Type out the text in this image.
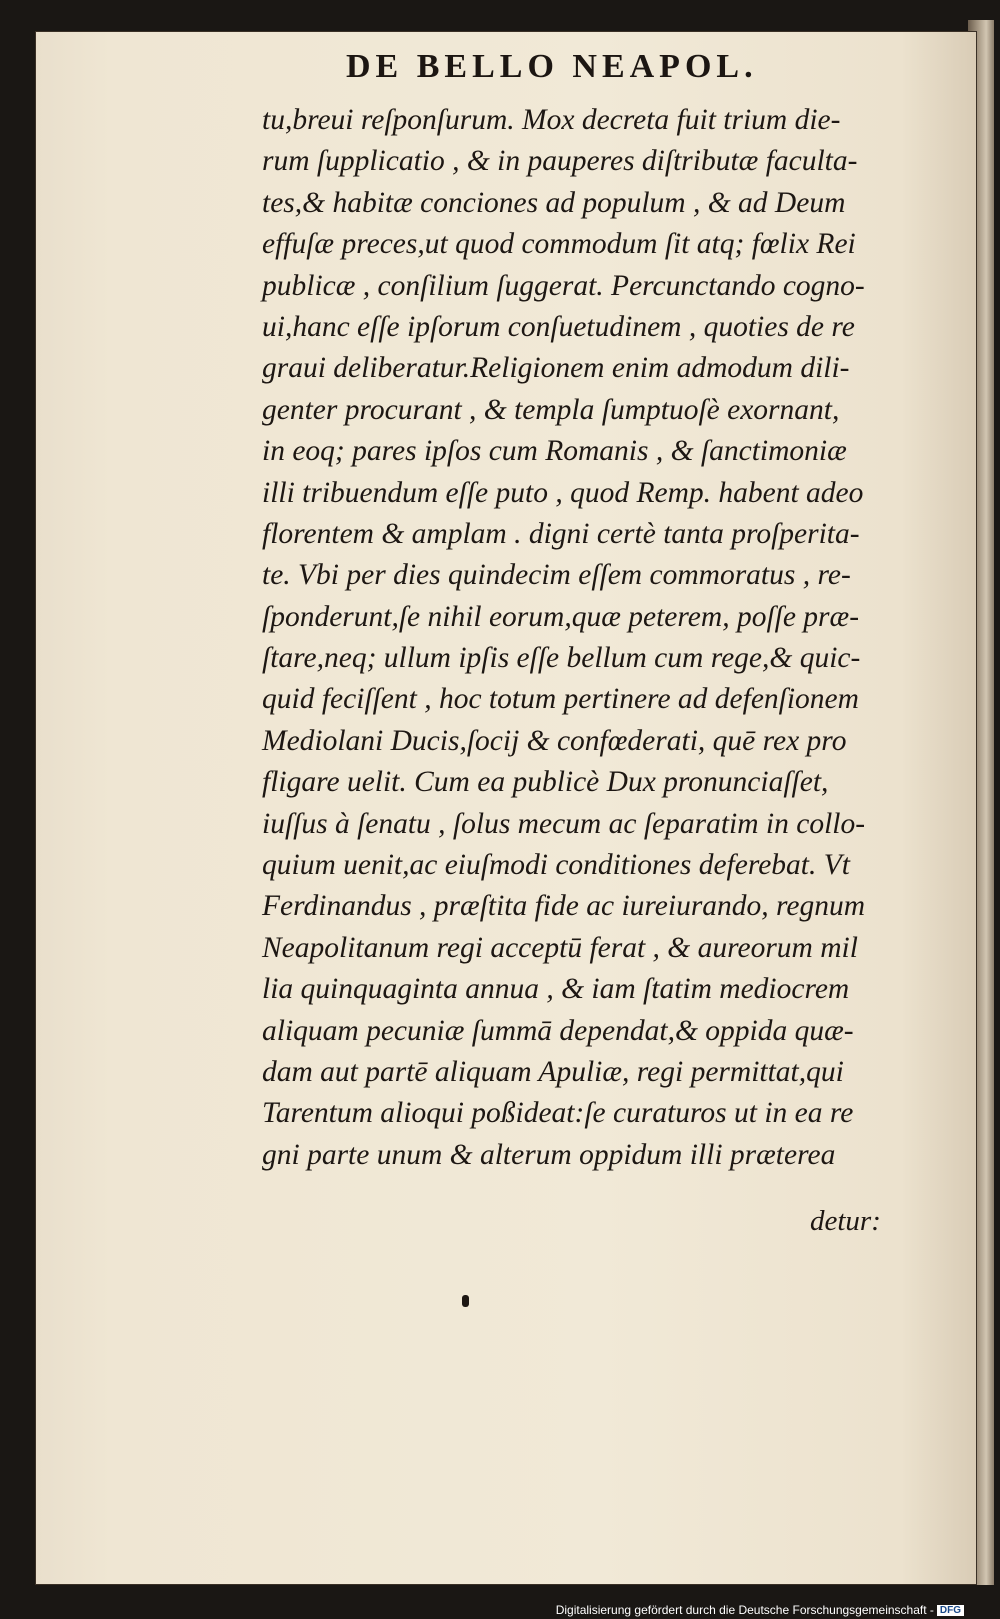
DE BELLO NEAPOL.
tu,breui reſponſurum. Mox decreta fuit trium die-
rum ſupplicatio , & in pauperes diſtributæ faculta-
tes,& habitæ conciones ad populum , & ad Deum
effuſæ preces,ut quod commodum ſit atq; fœlix Rei
publicæ , conſilium ſuggerat. Percunctando cogno-
ui,hanc eſſe ipſorum conſuetudinem , quoties de re
graui deliberatur.Religionem enim admodum dili-
genter procurant , & templa ſumptuoſè exornant,
in eoq; pares ipſos cum Romanis , & ſanctimoniæ
illi tribuendum eſſe puto , quod Remp. habent adeo
florentem & amplam . digni certè tanta proſperita-
te. Vbi per dies quindecim eſſem commoratus , re-
ſponderunt,ſe nihil eorum,quæ peterem, poſſe præ-
ſtare,neq; ullum ipſis eſſe bellum cum rege,& quic-
quid feciſſent , hoc totum pertinere ad defenſionem
Mediolani Ducis,ſocij & confœderati, quē rex pro
fligare uelit. Cum ea publicè Dux pronunciaſſet,
iuſſus à ſenatu , ſolus mecum ac ſeparatim in collo-
quium uenit,ac eiuſmodi conditiones deferebat. Vt
Ferdinandus , præſtita fide ac iureiurando, regnum
Neapolitanum regi acceptū ferat , & aureorum mil
lia quinquaginta annua , & iam ſtatim mediocrem
aliquam pecuniæ ſummā dependat,& oppida quæ-
dam aut partē aliquam Apuliæ, regi permittat,qui
Tarentum alioqui poßideat:ſe curaturos ut in ea re
gni parte unum & alterum oppidum illi præterea
detur:
Digitalisierung gefördert durch die Deutsche Forschungsgemeinschaft - DFG
